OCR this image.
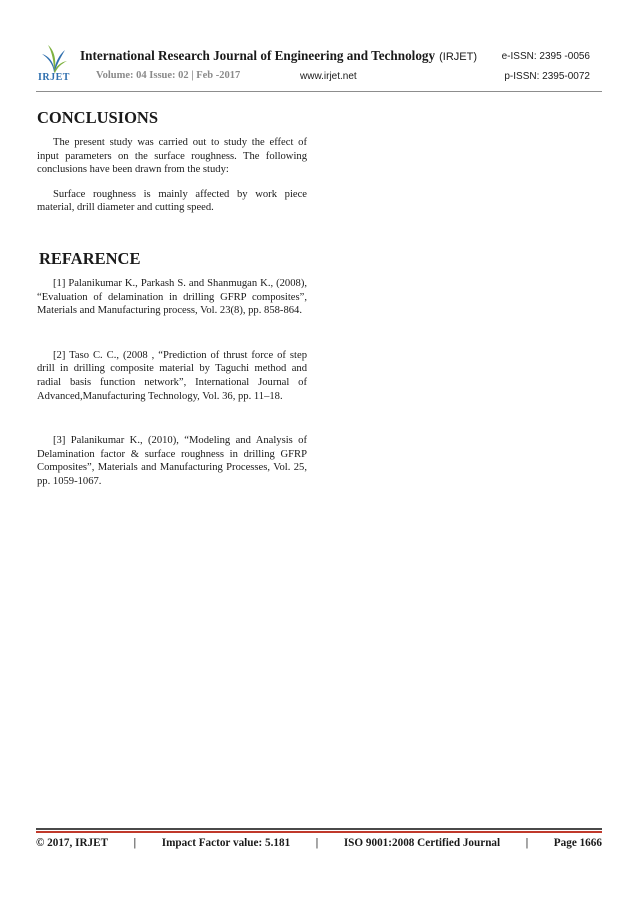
IRJET
International Research Journal of Engineering and Technology (IRJET) e-ISSN: 2395 -0056
Volume: 04 Issue: 02 | Feb -2017	www.irjet.net	p-ISSN: 2395-0072
CONCLUSIONS

The present study was carried out to study the effect of input parameters on the surface roughness. The following conclusions have been drawn from the study:

Surface roughness is mainly affected by work piece material, drill diameter and cutting speed.

REFARENCE

[1] Palanikumar K., Parkash S. and Shanmugan K., (2008), “Evaluation of delamination in drilling GFRP composites”, Materials and Manufacturing process, Vol. 23(8), pp. 858-864.

[2] Taso C. C., (2008 , “Prediction of thrust force of step drill in drilling composite material by Taguchi method and radial basis function network”, International Journal of Advanced,Manufacturing Technology, Vol. 36, pp. 11–18.

[3] Palanikumar K., (2010), “Modeling and Analysis of Delamination factor & surface roughness in drilling GFRP Composites”, Materials and Manufacturing Processes, Vol. 25, pp. 1059-1067.

© 2017, IRJET | Impact Factor value: 5.181 | ISO 9001:2008 Certified Journal | Page 1666
